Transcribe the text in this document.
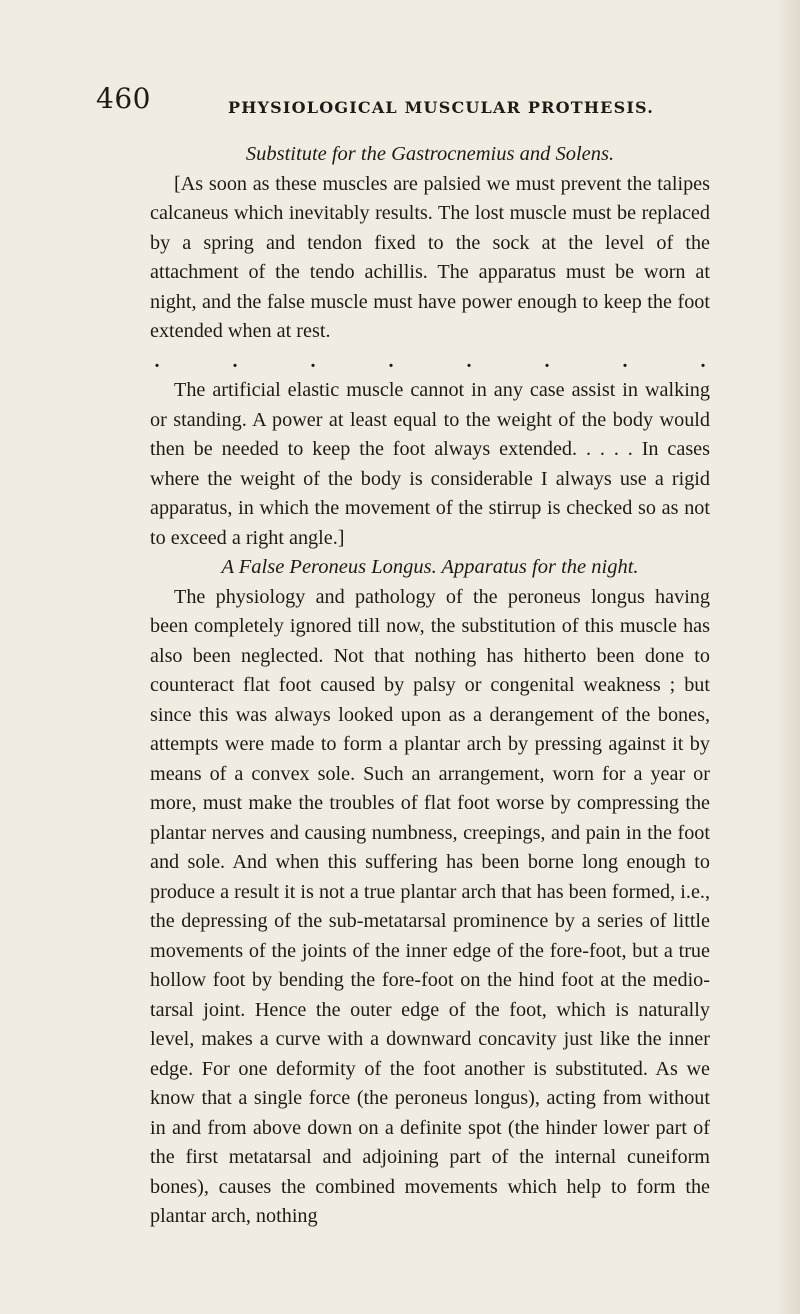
460	PHYSIOLOGICAL MUSCULAR PROTHESIS.

Substitute for the Gastrocnemius and Solens.

[As soon as these muscles are palsied we must prevent the talipes calcaneus which inevitably results. The lost muscle must be replaced by a spring and tendon fixed to the sock at the level of the attachment of the tendo achillis. The apparatus must be worn at night, and the false muscle must have power enough to keep the foot extended when at rest.

.	.	.	.	.	.	.	.

The artificial elastic muscle cannot in any case assist in walking or standing. A power at least equal to the weight of the body would then be needed to keep the foot always extended. . . . . In cases where the weight of the body is considerable I always use a rigid apparatus, in which the movement of the stirrup is checked so as not to exceed a right angle.]

A False Peroneus Longus. Apparatus for the night.

The physiology and pathology of the peroneus longus having been completely ignored till now, the substitution of this muscle has also been neglected. Not that nothing has hitherto been done to counteract flat foot caused by palsy or congenital weakness ; but since this was always looked upon as a derangement of the bones, attempts were made to form a plantar arch by pressing against it by means of a convex sole. Such an arrangement, worn for a year or more, must make the troubles of flat foot worse by compressing the plantar nerves and causing numbness, creepings, and pain in the foot and sole. And when this suffering has been borne long enough to produce a result it is not a true plantar arch that has been formed, i.e., the depressing of the sub-metatarsal prominence by a series of little movements of the joints of the inner edge of the fore-foot, but a true hollow foot by bending the fore-foot on the hind foot at the medio-tarsal joint. Hence the outer edge of the foot, which is naturally level, makes a curve with a downward concavity just like the inner edge. For one deformity of the foot another is substituted. As we know that a single force (the peroneus longus), acting from without in and from above down on a definite spot (the hinder lower part of the first metatarsal and adjoining part of the internal cuneiform bones), causes the combined movements which help to form the plantar arch, nothing
